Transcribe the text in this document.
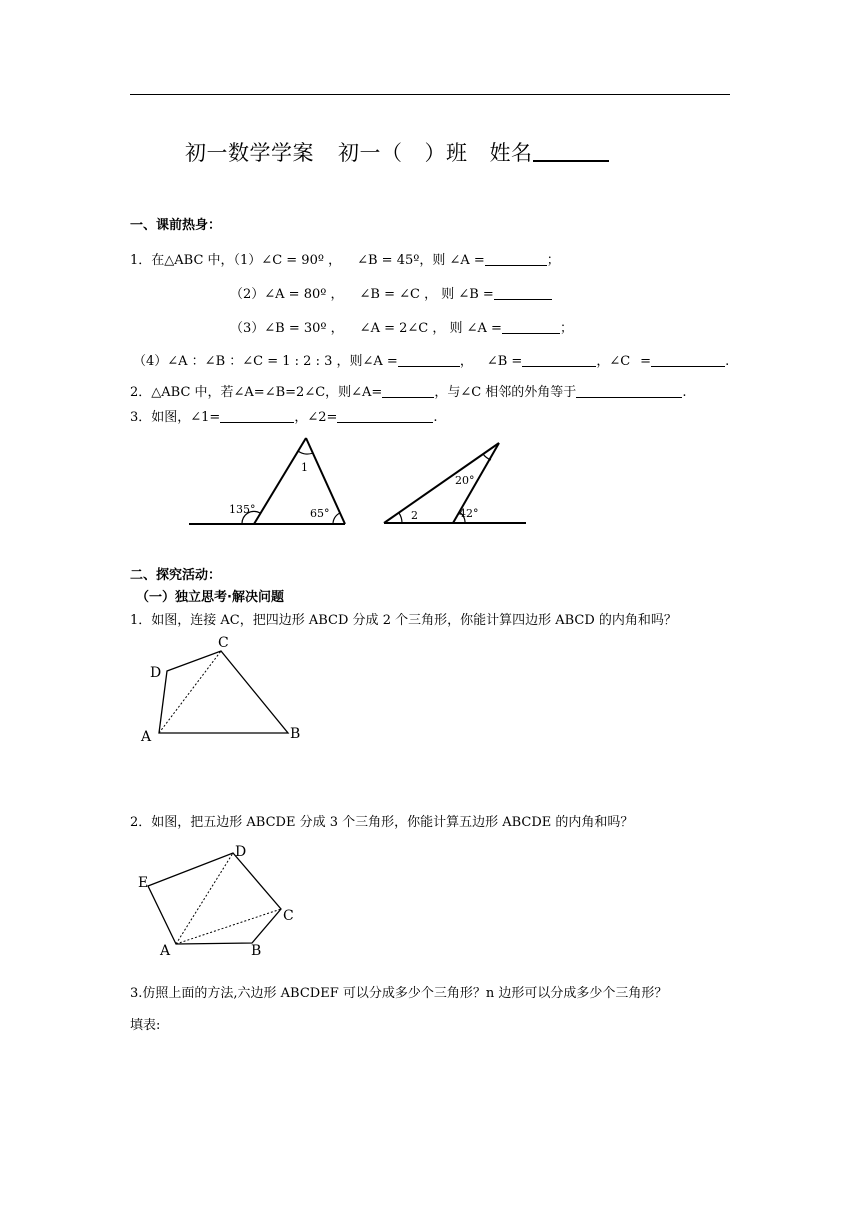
初一数学学案 初一（ ）班 姓名
一、课前热身：
1．在△ABC 中，（1）∠C = 90º ， ∠B = 45º，则 ∠A =	；
（2）∠A = 80º ， ∠B = ∠C ， 则 ∠B =
（3）∠B = 30º ， ∠A = 2∠C ， 则 ∠A =	；
（4）∠A ：∠B ：∠C = 1 : 2 : 3 ，则∠A =	， ∠B =	，∠C =	.
2．△ABC 中，若∠A=∠B=2∠C，则∠A=	，与∠C 相邻的外角等于	.
3．如图，∠1=	，∠2=	.
135°	65°
1
20°
42°
2
A	B
C
D
A	B
C
D
E
二、探究活动：
（一）独立思考·解决问题
1．如图，连接 AC，把四边形 ABCD 分成 2 个三角形，你能计算四边形 ABCD 的内角和吗？
2．如图，把五边形 ABCDE 分成 3 个三角形，你能计算五边形 ABCDE 的内角和吗？
3.仿照上面的方法,六边形 ABCDEF 可以分成多少个三角形？n 边形可以分成多少个三角形？
填表:
